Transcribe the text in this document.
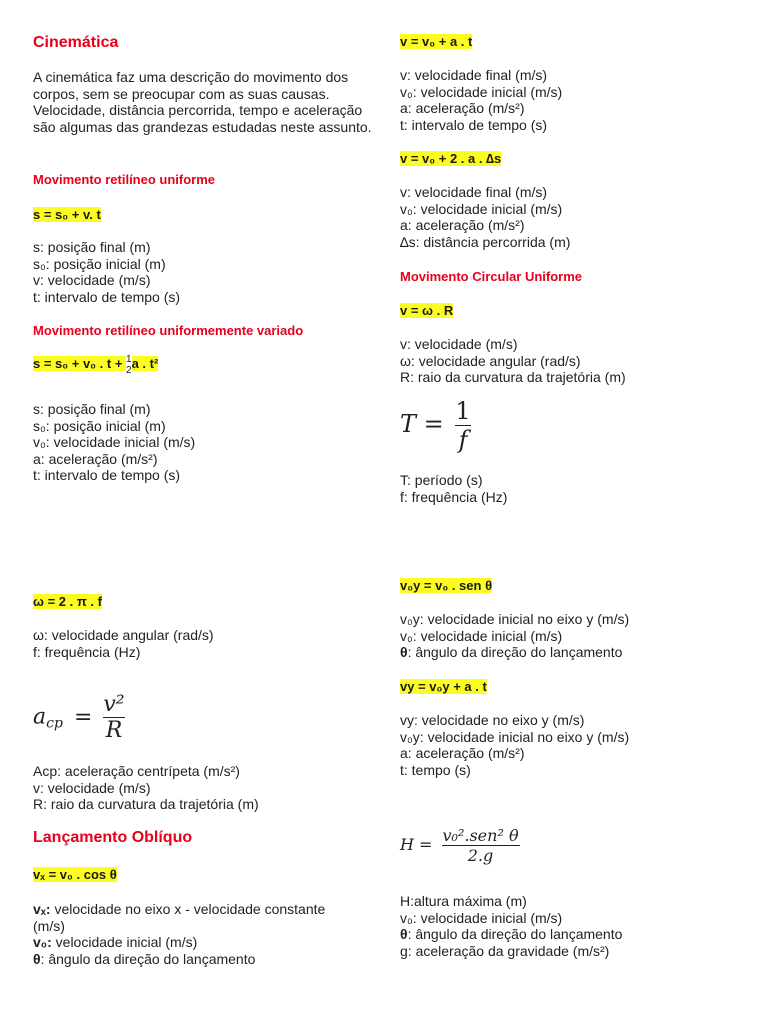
Cinemática

A cinemática faz uma descrição do movimento dos corpos, sem se preocupar com as suas causas. Velocidade, distância percorrida, tempo e aceleração são algumas das grandezas estudadas neste assunto.

Movimento retilíneo uniforme
s = s₀ + v. t
s: posição final (m)
s₀: posição inicial (m)
v: velocidade (m/s)
t: intervalo de tempo (s)
Movimento retilíneo uniformemente variado
s = s₀ + v₀ . t + 1
2 a . t²
s: posição final (m)
s₀: posição inicial (m)
v₀: velocidade inicial (m/s)
a: aceleração (m/s²)
t: intervalo de tempo (s)
ω = 2 . π . f
ω: velocidade angular (rad/s)
f: frequência (Hz)
acp = $\frac{\text{v²}}{R}$
Acp: aceleração centrípeta (m/s²)
v: velocidade (m/s)
R: raio da curvatura da trajetória (m)
Lançamento Oblíquo
vₓ = v₀ . cos θ
vₓ: velocidade no eixo x - velocidade constante (m/s)
v₀: velocidade inicial (m/s)
θ: ângulo da direção do lançamento
v = v₀ + a . t
v: velocidade final (m/s)
v₀: velocidade inicial (m/s)
a: aceleração (m/s²)
t: intervalo de tempo (s)
v = v₀ + 2 . a . ∆s
v: velocidade final (m/s)
v₀: velocidade inicial (m/s)
a: aceleração (m/s²)
∆s: distância percorrida (m)
Movimento Circular Uniforme
v = ω . R
v: velocidade (m/s)
ω: velocidade angular (rad/s)
R: raio da curvatura da trajetória (m)
$T = \frac{1}{f}$
T: período (s)
f: frequência (Hz)
v₀y = v₀ . sen θ
v₀y: velocidade inicial no eixo y (m/s)
v₀: velocidade inicial (m/s)
θ: ângulo da direção do lançamento
vy = v₀y + a . t
vy: velocidade no eixo y (m/s)
v₀y: velocidade inicial no eixo y (m/s)
a: aceleração (m/s²)
t: tempo (s)
$H = \frac{\text{v₀².sen² θ}}{2.g}$
H:altura máxima (m)
v₀: velocidade inicial (m/s)
θ: ângulo da direção do lançamento
g: aceleração da gravidade (m/s²)
